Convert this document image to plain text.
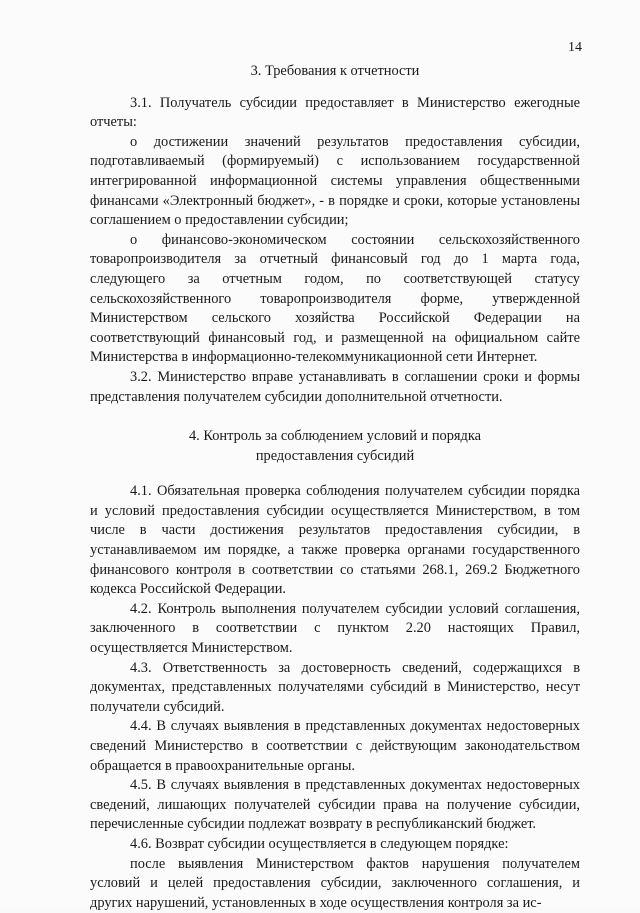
14
3. Требования к отчетности

3.1. Получатель субсидии предоставляет в Министерство ежегодные отчеты:

о достижении значений результатов предоставления субсидии, подготавливаемый (формируемый) с использованием государственной интегрированной информационной системы управления общественными финансами «Электронный бюджет», - в порядке и сроки, которые установлены соглашением о предоставлении субсидии;

о финансово-экономическом состоянии сельскохозяйственного товаропроизводителя за отчетный финансовый год до 1 марта года, следующего за отчетным годом, по соответствующей статусу сельскохозяйственного товаропроизводителя форме, утвержденной Министерством сельского хозяйства Российской Федерации на соответствующий финансовый год, и размещенной на официальном сайте Министерства в информационно-телекоммуникационной сети Интернет.

3.2. Министерство вправе устанавливать в соглашении сроки и формы представления получателем субсидии дополнительной отчетности.

4. Контроль за соблюдением условий и порядка
предоставления субсидий

4.1. Обязательная проверка соблюдения получателем субсидии порядка и условий предоставления субсидии осуществляется Министерством, в том числе в части достижения результатов предоставления субсидии, в устанавливаемом им порядке, а также проверка органами государственного финансового контроля в соответствии со статьями 268.1, 269.2 Бюджетного кодекса Российской Федерации.

4.2. Контроль выполнения получателем субсидии условий соглашения, заключенного в соответствии с пунктом 2.20 настоящих Правил, осуществляется Министерством.

4.3. Ответственность за достоверность сведений, содержащихся в документах, представленных получателями субсидий в Министерство, несут получатели субсидий.

4.4. В случаях выявления в представленных документах недостоверных сведений Министерство в соответствии с действующим законодательством обращается в правоохранительные органы.

4.5. В случаях выявления в представленных документах недостоверных сведений, лишающих получателей субсидии права на получение субсидии, перечисленные субсидии подлежат возврату в республиканский бюджет.

4.6. Возврат субсидии осуществляется в следующем порядке:

после выявления Министерством фактов нарушения получателем условий и целей предоставления субсидии, заключенного соглашения, и других нарушений, установленных в ходе осуществления контроля за ис-
